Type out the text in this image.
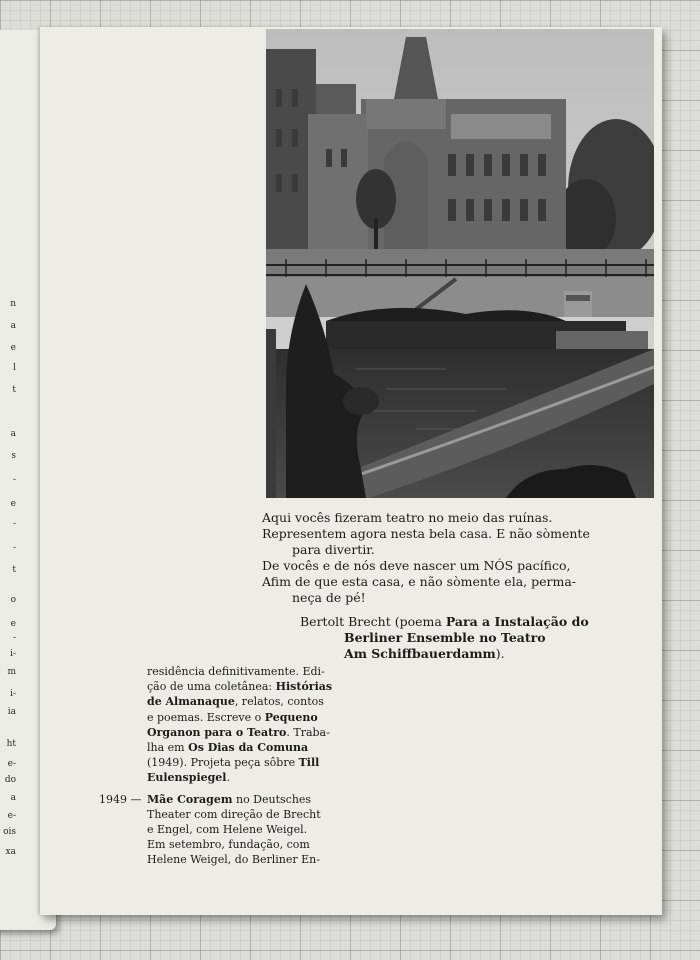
n
a
e
l
t
a
s
-
e
-
-
t
o
e
-
i-
m
i-
ia
ht
e-
do
a
e-
ois
xa
Aqui vocês fizeram teatro no meio das ruínas.
Representem agora nesta bela casa. E não sòmente
para divertir.
De vocês e de nós deve nascer um NÓS pacífico,
Afim de que esta casa, e não sòmente ela, perma-
neça de pé!
Bertolt Brecht (poema Para a Instalação do
Berliner Ensemble no Teatro
Am Schiffbauerdamm).
residência definitivamente. Edi-
ção de uma coletânea: Histórias
de Almanaque, relatos, contos
e poemas. Escreve o Pequeno
Organon para o Teatro. Traba-
lha em Os Dias da Comuna
(1949). Projeta peça sôbre Till
Eulenspiegel.
1949 — Mãe Coragem no Deutsches
Theater com direção de Brecht
e Engel, com Helene Weigel.
Em setembro, fundação, com
Helene Weigel, do Berliner En-
